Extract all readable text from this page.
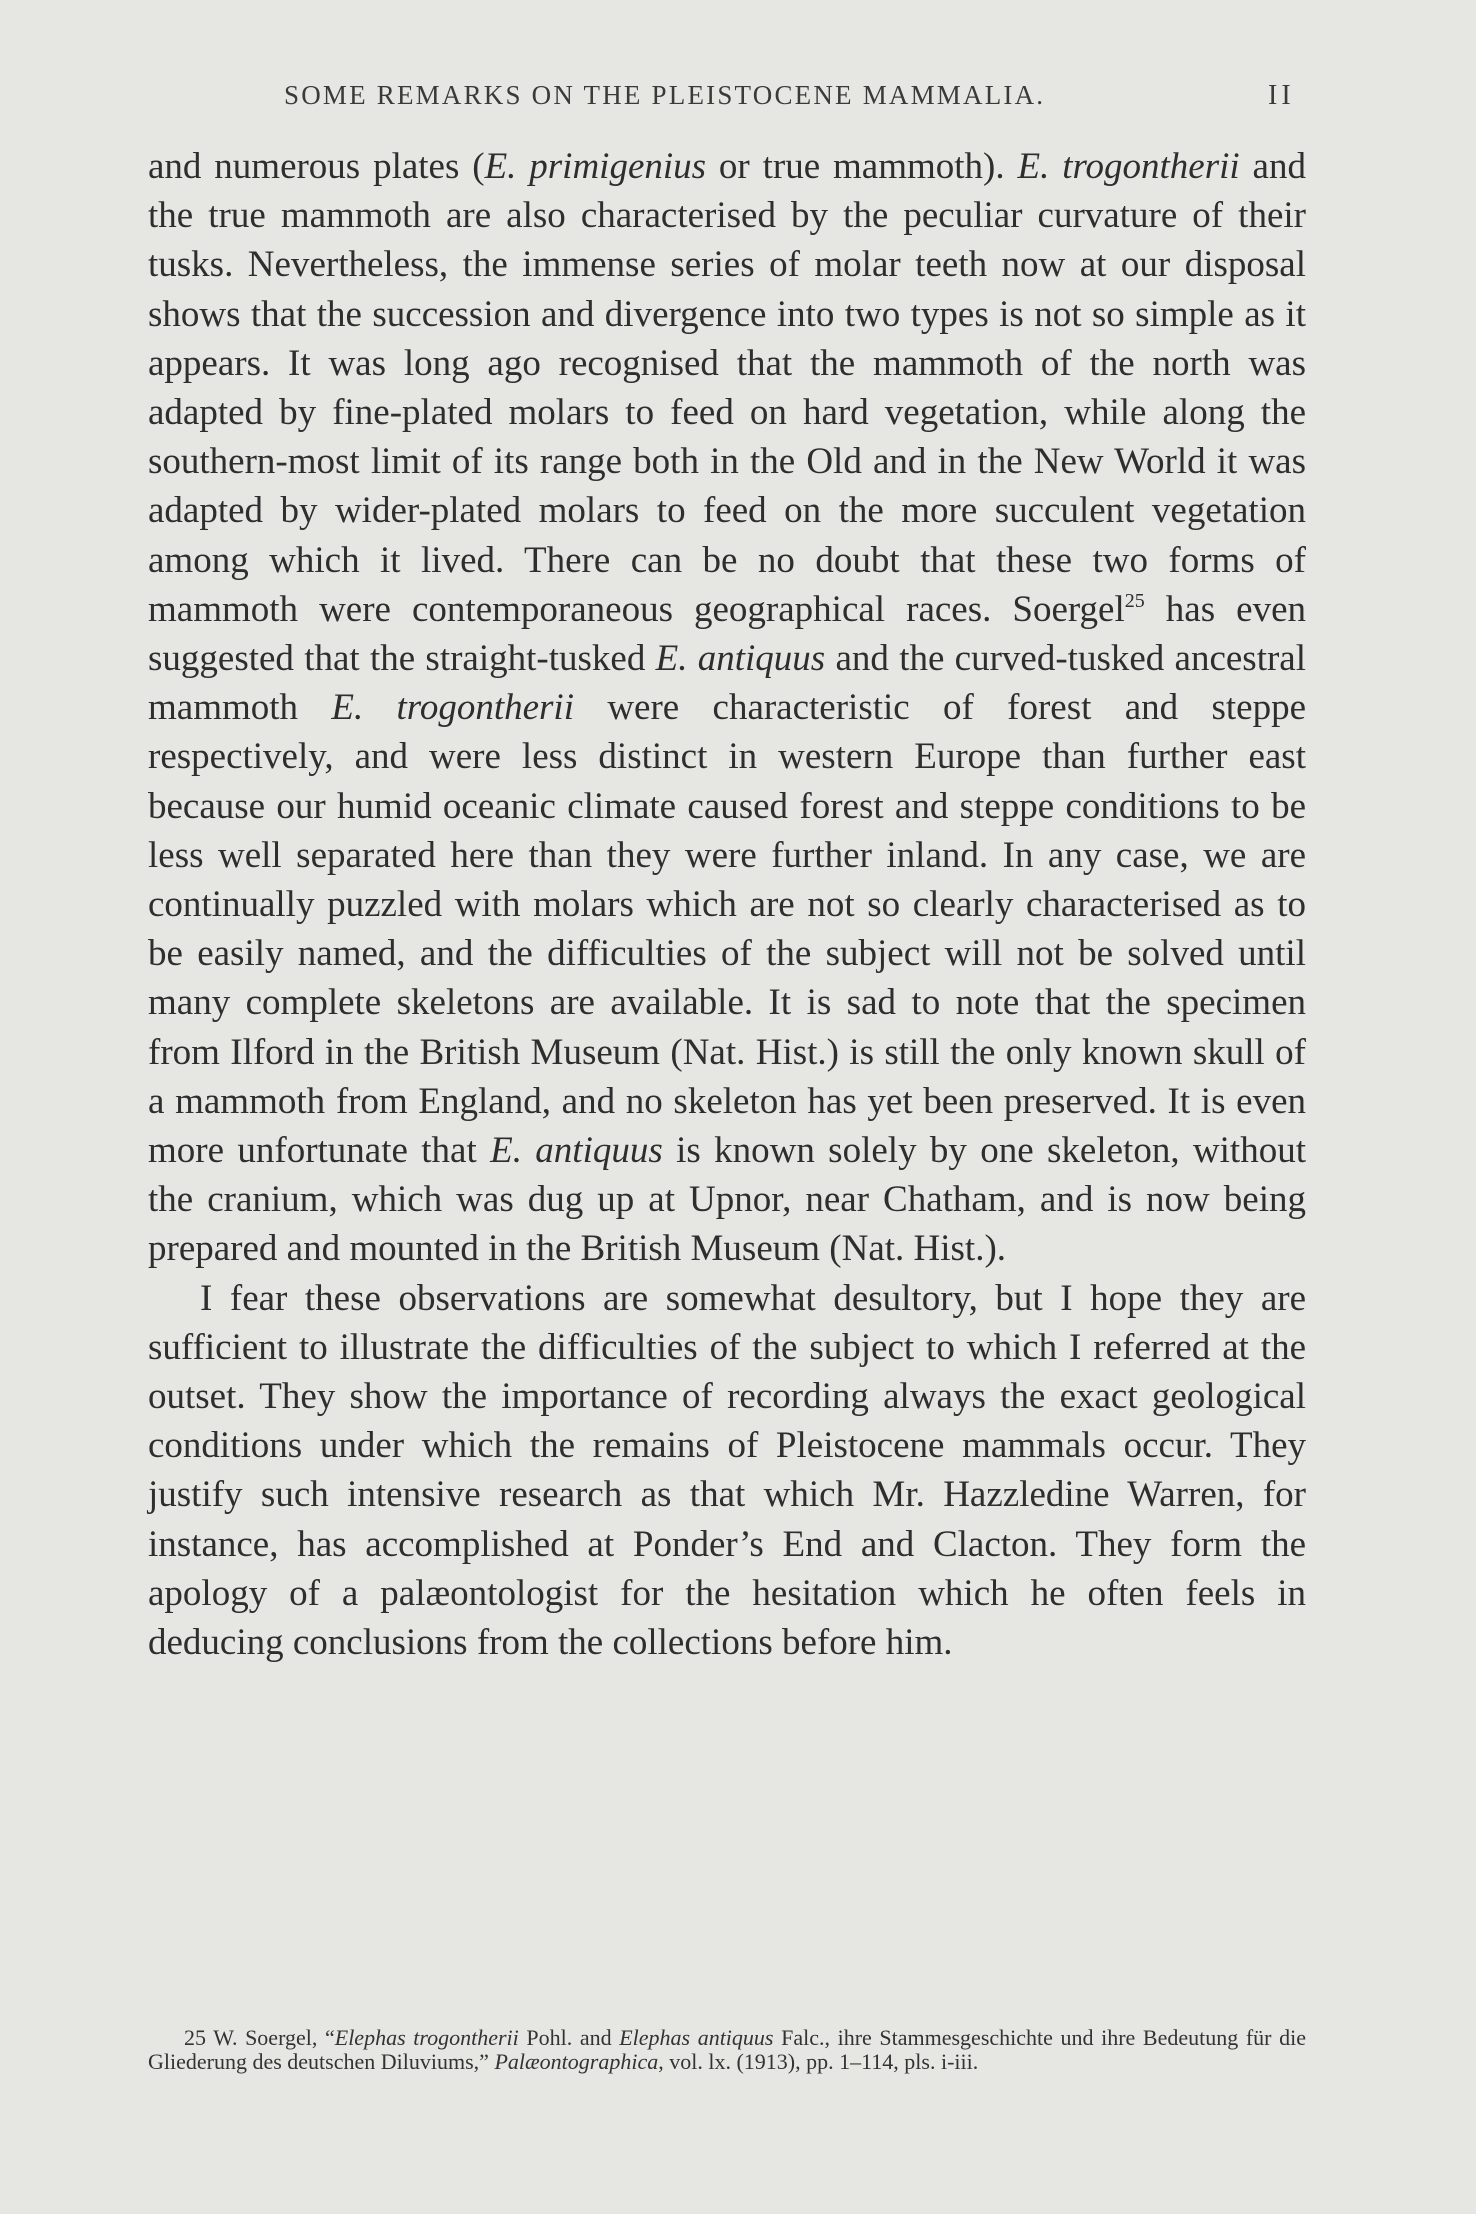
SOME REMARKS ON THE PLEISTOCENE MAMMALIA.	II

and numerous plates (E. primigenius or true mammoth). E. trogontherii and the true mammoth are also characterised by the peculiar curvature of their tusks. Nevertheless, the immense series of molar teeth now at our disposal shows that the succession and divergence into two types is not so simple as it appears. It was long ago recognised that the mammoth of the north was adapted by fine-plated molars to feed on hard vegetation, while along the southern-most limit of its range both in the Old and in the New World it was adapted by wider-plated molars to feed on the more succulent vegetation among which it lived. There can be no doubt that these two forms of mammoth were contemporaneous geographical races. Soergel$^{25}$ has even suggested that the straight-tusked E. antiquus and the curved-tusked ancestral mammoth E. trogontherii were characteristic of forest and steppe respectively, and were less distinct in western Europe than further east because our humid oceanic climate caused forest and steppe conditions to be less well separated here than they were further inland. In any case, we are continually puzzled with molars which are not so clearly characterised as to be easily named, and the difficulties of the subject will not be solved until many complete skeletons are available. It is sad to note that the specimen from Ilford in the British Museum (Nat. Hist.) is still the only known skull of a mammoth from England, and no skeleton has yet been preserved. It is even more unfortunate that E. antiquus is known solely by one skeleton, without the cranium, which was dug up at Upnor, near Chatham, and is now being prepared and mounted in the British Museum (Nat. Hist.).

I fear these observations are somewhat desultory, but I hope they are sufficient to illustrate the difficulties of the subject to which I referred at the outset. They show the importance of recording always the exact geological conditions under which the remains of Pleistocene mammals occur. They justify such intensive research as that which Mr. Hazzledine Warren, for instance, has accomplished at Ponder’s End and Clacton. They form the apology of a palæontologist for the hesitation which he often feels in deducing conclusions from the collections before him.

25 W. Soergel, “Elephas trogontherii Pohl. and Elephas antiquus Falc., ihre Stammesgeschichte und ihre Bedeutung für die Gliederung des deutschen Diluviums,” Palæontographica, vol. lx. (1913), pp. 1–114, pls. i-iii.
